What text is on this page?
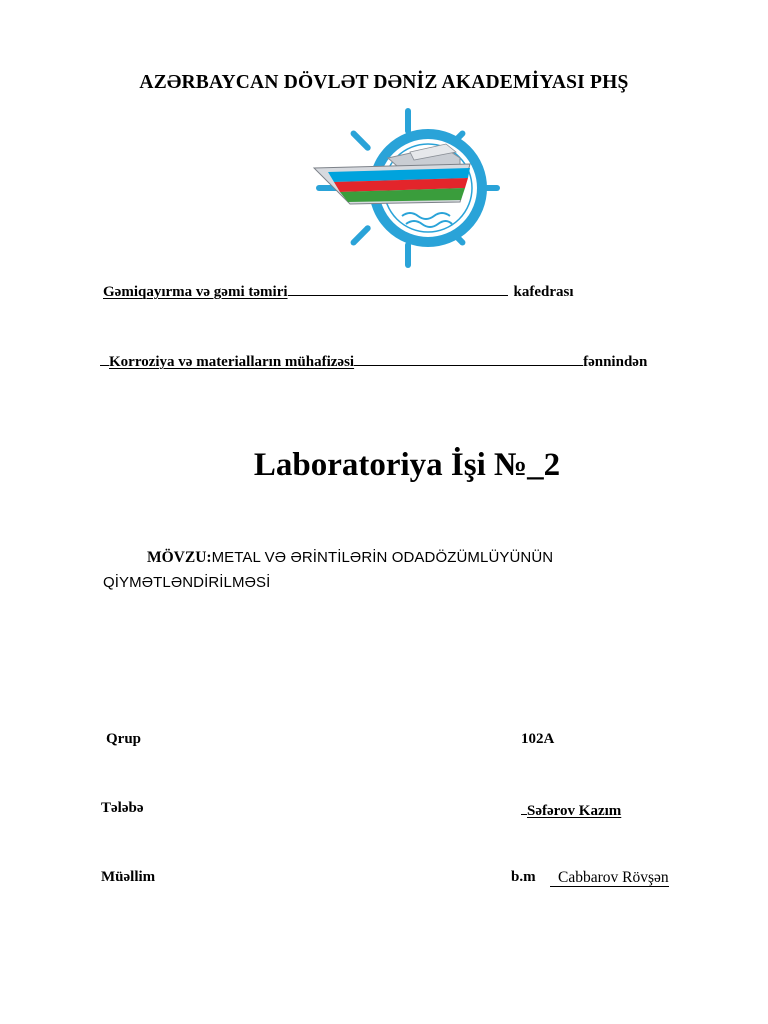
AZƏRBAYCAN DÖVLƏT DƏNİZ AKADEMİYASI PHŞ
Gəmiqayırma və gəmi təmiri	kafedrası
Korroziya və materialların mühafizəsi	fənnindən
Laboratoriya İşi №_2
MÖVZU:METAL VƏ ƏRİNTİLƏRİN ODADÖZÜMLÜYÜNÜN QİYMƏTLƏNDİRİLMƏSİ
Qrup	102A
Tələbə	Səfərov Kazım
Müəllim	b.m	Cabbarov Rövşən
